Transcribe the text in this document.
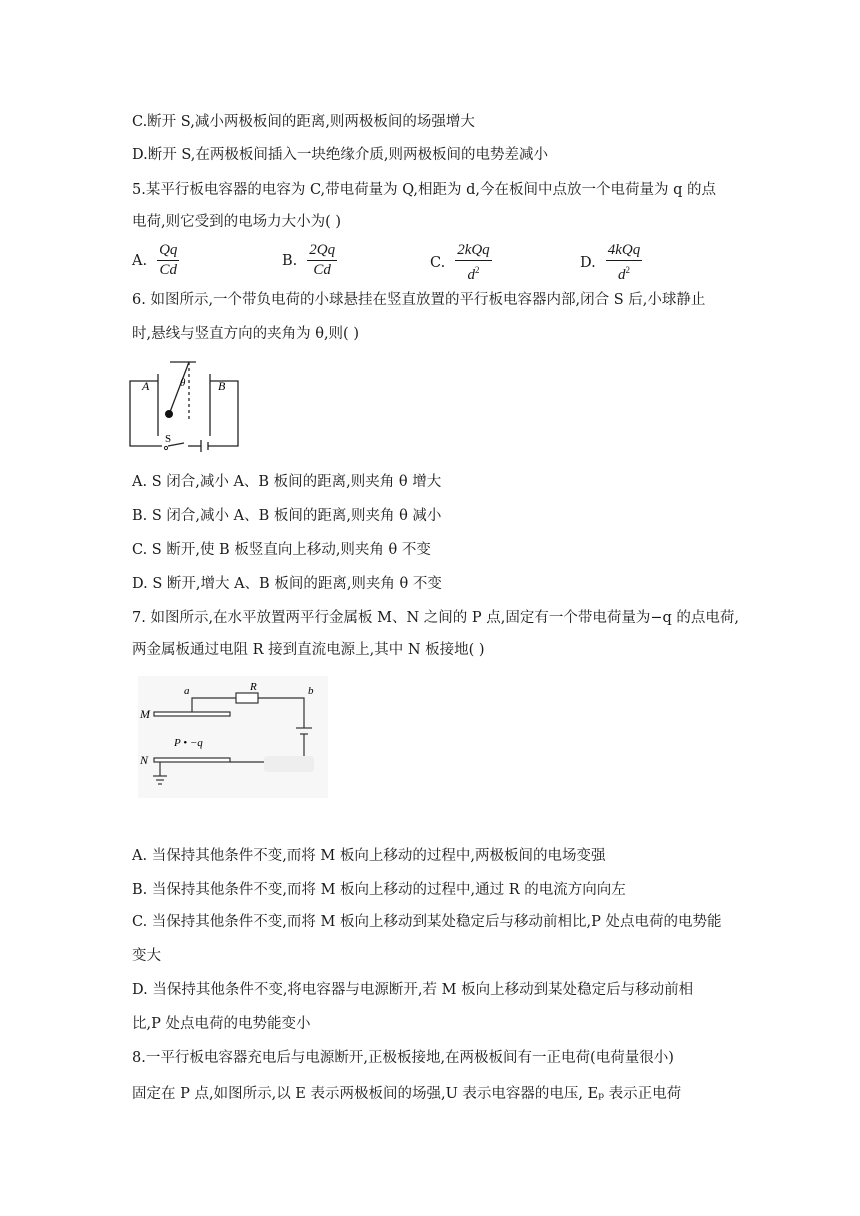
C.断开 S,减小两极板间的距离,则两极板间的场强增大
D.断开 S,在两极板间插入一块绝缘介质,则两极板间的电势差减小
5.某平行板电容器的电容为 C,带电荷量为 Q,相距为 d,今在板间中点放一个电荷量为 q 的点
电荷,则它受到的电场力大小为( )
A. $\frac{Qq}{Cd}$	B. $\frac{2Qq}{Cd}$	C. $\frac{\text{2kQq}}{d^2}$	D. $\frac{\text{4kQq}}{d^2}$
6. 如图所示,一个带负电荷的小球悬挂在竖直放置的平行板电容器内部,闭合 S 后,小球静止
时,悬线与竖直方向的夹角为 θ,则( )
A	B
θ
S
A. S 闭合,减小 A、B 板间的距离,则夹角 θ 增大
B. S 闭合,减小 A、B 板间的距离,则夹角 θ 减小
C. S 断开,使 B 板竖直向上移动,则夹角 θ 不变
D. S 断开,增大 A、B 板间的距离,则夹角 θ 不变
7. 如图所示,在水平放置两平行金属板 M、N 之间的 P 点,固定有一个带电荷量为−q 的点电荷,
两金属板通过电阻 R 接到直流电源上,其中 N 板接地( )
a	R	b
M
N
P • −q
A. 当保持其他条件不变,而将 M 板向上移动的过程中,两极板间的电场变强
B. 当保持其他条件不变,而将 M 板向上移动的过程中,通过 R 的电流方向向左
C. 当保持其他条件不变,而将 M 板向上移动到某处稳定后与移动前相比,P 处点电荷的电势能
变大
D. 当保持其他条件不变,将电容器与电源断开,若 M 板向上移动到某处稳定后与移动前相
比,P 处点电荷的电势能变小
8.一平行板电容器充电后与电源断开,正极板接地,在两极板间有一正电荷(电荷量很小)
固定在 P 点,如图所示,以 E 表示两极板间的场强,U 表示电容器的电压, Eₚ 表示正电荷
